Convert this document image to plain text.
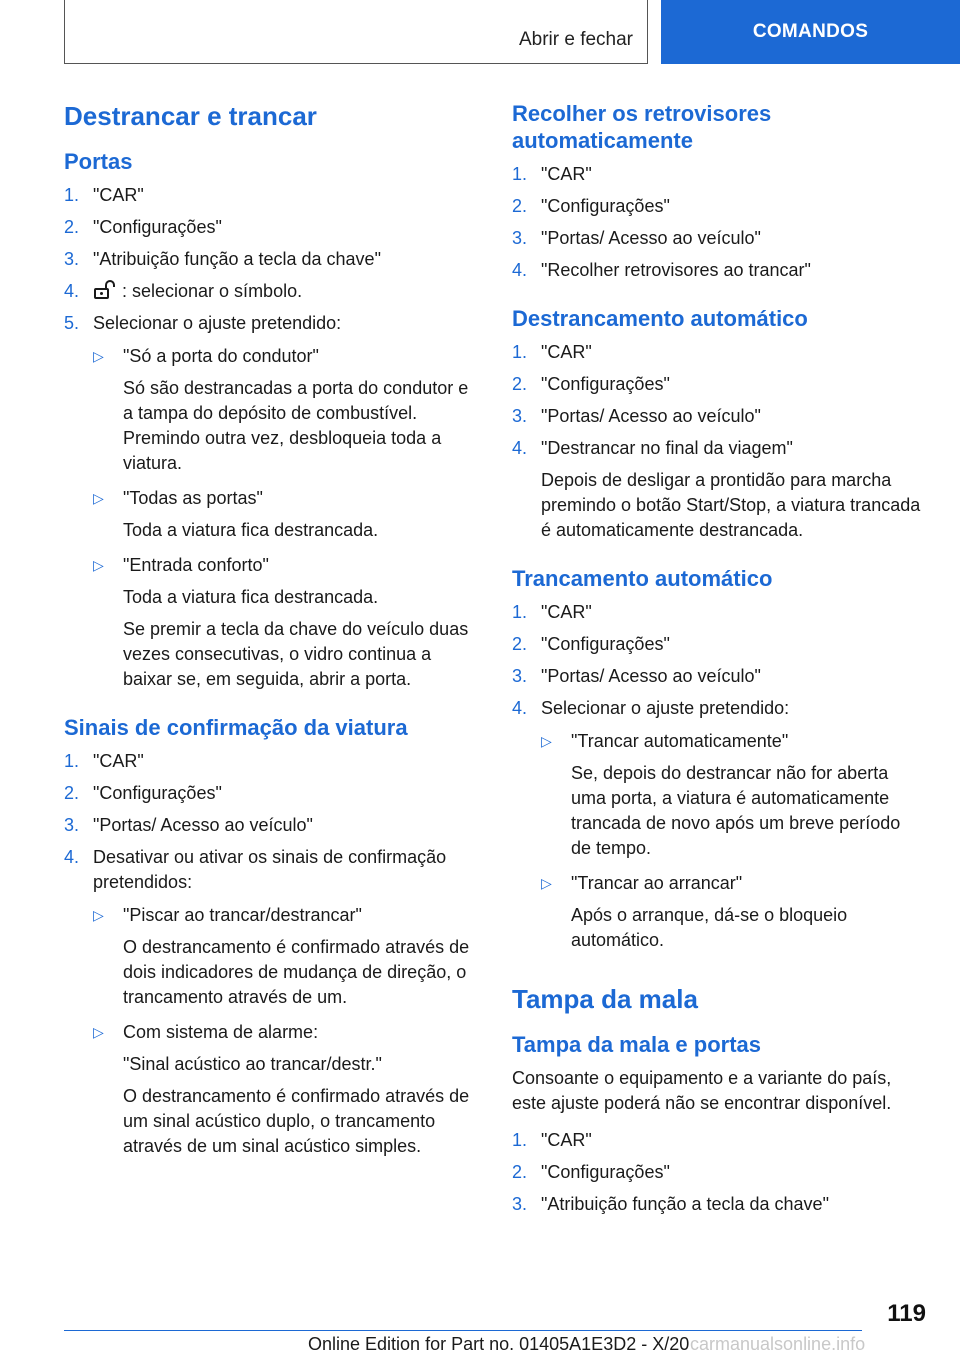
Abrir e fechar	COMANDOS
Destrancar e trancar
Portas
1. "CAR"
2. "Configurações"
3. "Atribuição função a tecla da chave"
4. : selecionar o símbolo.
5. Selecionar o ajuste pretendido:
▷ "Só a porta do condutor"
Só são destrancadas a porta do condutor e a tampa do depósito de combustível. Premindo outra vez, desbloqueia toda a viatura.
▷ "Todas as portas"
Toda a viatura fica destrancada.
▷ "Entrada conforto"
Toda a viatura fica destrancada.
Se premir a tecla da chave do veículo duas vezes consecutivas, o vidro continua a baixar se, em seguida, abrir a porta.
Sinais de confirmação da viatura
1. "CAR"
2. "Configurações"
3. "Portas/ Acesso ao veículo"
4. Desativar ou ativar os sinais de confirmação pretendidos:
▷ "Piscar ao trancar/destrancar"
O destrancamento é confirmado através de dois indicadores de mudança de direção, o trancamento através de um.
▷ Com sistema de alarme:
"Sinal acústico ao trancar/destr."
O destrancamento é confirmado através de um sinal acústico duplo, o trancamento através de um sinal acústico simples.
Recolher os retrovisores automaticamente
1. "CAR"
2. "Configurações"
3. "Portas/ Acesso ao veículo"
4. "Recolher retrovisores ao trancar"
Destrancamento automático
1. "CAR"
2. "Configurações"
3. "Portas/ Acesso ao veículo"
4. "Destrancar no final da viagem"
Depois de desligar a prontidão para marcha premindo o botão Start/Stop, a viatura trancada é automaticamente destrancada.
Trancamento automático
1. "CAR"
2. "Configurações"
3. "Portas/ Acesso ao veículo"
4. Selecionar o ajuste pretendido:
▷ "Trancar automaticamente"
Se, depois do destrancar não for aberta uma porta, a viatura é automaticamente trancada de novo após um breve período de tempo.
▷ "Trancar ao arrancar"
Após o arranque, dá-se o bloqueio automático.
Tampa da mala
Tampa da mala e portas

Consoante o equipamento e a variante do país, este ajuste poderá não se encontrar disponível.

1. "CAR"
2. "Configurações"
3. "Atribuição função a tecla da chave"
119
Online Edition for Part no. 01405A1E3D2 - X/20 carmanualsonline.info
